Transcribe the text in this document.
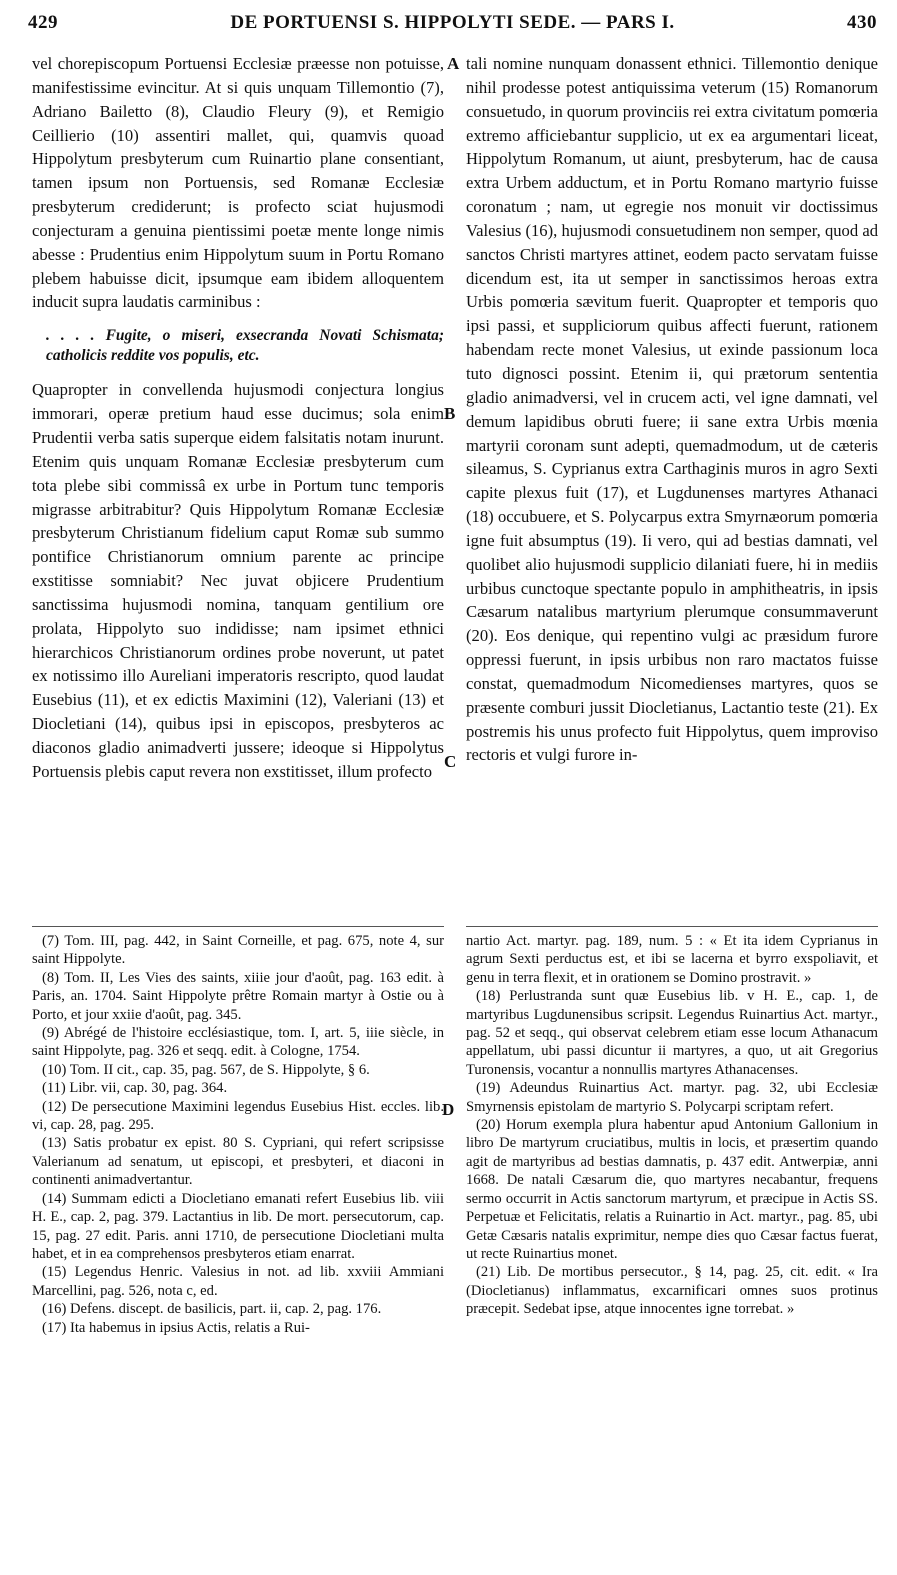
DE PORTUENSI S. HIPPOLYTI SEDE. — PARS I.
429	430

vel chorepiscopum Portuensi Ecclesiæ præesse non potuisse, manifestissime evincitur. At si quis unquam Tillemontio (7), Adriano Bailetto (8), Claudio Fleury (9), et Remigio Ceillierio (10) assentiri mallet, qui, quamvis quoad Hippolytum presbyterum cum Ruinartio plane consentiant, tamen ipsum non Portuensis, sed Romanæ Ecclesiæ presbyterum crediderunt; is profecto sciat hujusmodi conjecturam a genuina pientissimi poetæ mente longe nimis abesse : Prudentius enim Hippolytum suum in Portu Romano plebem habuisse dicit, ipsumque eam ibidem alloquentem inducit supra laudatis carminibus :

. . . . Fugite, o miseri, exsecranda Novati Schismata; catholicis reddite vos populis, etc.

Quapropter in convellenda hujusmodi conjectura longius immorari, operæ pretium haud esse ducimus; sola enim Prudentii verba satis superque eidem falsitatis notam inurunt. Etenim quis unquam Romanæ Ecclesiæ presbyterum cum tota plebe sibi commissâ ex urbe in Portum tunc temporis migrasse arbitrabitur? Quis Hippolytum Romanæ Ecclesiæ presbyterum Christianum fidelium caput Romæ sub summo pontifice Christianorum omnium parente ac principe exstitisse somniabit? Nec juvat objicere Prudentium sanctissima hujusmodi nomina, tanquam gentilium ore prolata, Hippolyto suo indidisse; nam ipsimet ethnici hierarchicos Christianorum ordines probe noverunt, ut patet ex notissimo illo Aureliani imperatoris rescripto, quod laudat Eusebius (11), et ex edictis Maximini (12), Valeriani (13) et Diocletiani (14), quibus ipsi in episcopos, presbyteros ac diaconos gladio animadverti jussere; ideoque si Hippolytus Portuensis plebis caput revera non exstitisset, illum profecto

tali nomine nunquam donassent ethnici. Tillemontio denique nihil prodesse potest antiquissima veterum (15) Romanorum consuetudo, in quorum provinciis rei extra civitatum pomœria extremo afficiebantur supplicio, ut ex ea argumentari liceat, Hippolytum Romanum, ut aiunt, presbyterum, hac de causa extra Urbem adductum, et in Portu Romano martyrio fuisse coronatum ; nam, ut egregie nos monuit vir doctissimus Valesius (16), hujusmodi consuetudinem non semper, quod ad sanctos Christi martyres attinet, eodem pacto servatam fuisse dicendum est, ita ut semper in sanctissimos heroas extra Urbis pomœria sævitum fuerit. Quapropter et temporis quo ipsi passi, et suppliciorum quibus affecti fuerunt, rationem habendam recte monet Valesius, ut exinde passionum loca tuto dignosci possint. Etenim ii, qui prætorum sententia gladio animadversi, vel in crucem acti, vel igne damnati, vel demum lapidibus obruti fuere; ii sane extra Urbis mœnia martyrii coronam sunt adepti, quemadmodum, ut de cæteris sileamus, S. Cyprianus extra Carthaginis muros in agro Sexti capite plexus fuit (17), et Lugdunenses martyres Athanaci (18) occubuere, et S. Polycarpus extra Smyrnæorum pomœria igne fuit absumptus (19). Ii vero, qui ad bestias damnati, vel quolibet alio hujusmodi supplicio dilaniati fuere, hi in mediis urbibus cunctoque spectante populo in amphitheatris, in ipsis Cæsarum natalibus martyrium plerumque consummaverunt (20). Eos denique, qui repentino vulgi ac præsidum furore oppressi fuerunt, in ipsis urbibus non raro mactatos fuisse constat, quemadmodum Nicomedienses martyres, quos se præsente comburi jussit Diocletianus, Lactantio teste (21). Ex postremis his unus profecto fuit Hippolytus, quem improviso rectoris et vulgi furore in-

A
B
C
D

(7) Tom. III, pag. 442, in Saint Corneille, et pag. 675, note 4, sur saint Hippolyte.

(8) Tom. II, Les Vies des saints, xiiie jour d'août, pag. 163 edit. à Paris, an. 1704. Saint Hippolyte prêtre Romain martyr à Ostie ou à Porto, et jour xxiie d'août, pag. 345.

(9) Abrégé de l'histoire ecclésiastique, tom. I, art. 5, iiie siècle, in saint Hippolyte, pag. 326 et seqq. edit. à Cologne, 1754.

(10) Tom. II cit., cap. 35, pag. 567, de S. Hippolyte, § 6.

(11) Libr. vii, cap. 30, pag. 364.

(12) De persecutione Maximini legendus Eusebius Hist. eccles. lib. vi, cap. 28, pag. 295.

(13) Satis probatur ex epist. 80 S. Cypriani, qui refert scripsisse Valerianum ad senatum, ut episcopi, et presbyteri, et diaconi in continenti animadvertantur.

(14) Summam edicti a Diocletiano emanati refert Eusebius lib. viii H. E., cap. 2, pag. 379. Lactantius in lib. De mort. persecutorum, cap. 15, pag. 27 edit. Paris. anni 1710, de persecutione Diocletiani multa habet, et in ea comprehensos presbyteros etiam enarrat.

(15) Legendus Henric. Valesius in not. ad lib. xxviii Ammiani Marcellini, pag. 526, nota c, ed.

(16) Defens. discept. de basilicis, part. ii, cap. 2, pag. 176.

(17) Ita habemus in ipsius Actis, relatis a Rui-

nartio Act. martyr. pag. 189, num. 5 : « Et ita idem Cyprianus in agrum Sexti perductus est, et ibi se lacerna et byrro exspoliavit, et genu in terra flexit, et in orationem se Domino prostravit. »

(18) Perlustranda sunt quæ Eusebius lib. v H. E., cap. 1, de martyribus Lugdunensibus scripsit. Legendus Ruinartius Act. martyr., pag. 52 et seqq., qui observat celebrem etiam esse locum Athanacum appellatum, ubi passi dicuntur ii martyres, a quo, ut ait Gregorius Turonensis, vocantur a nonnullis martyres Athanacenses.

(19) Adeundus Ruinartius Act. martyr. pag. 32, ubi Ecclesiæ Smyrnensis epistolam de martyrio S. Polycarpi scriptam refert.

(20) Horum exempla plura habentur apud Antonium Gallonium in libro De martyrum cruciatibus, multis in locis, et præsertim quando agit de martyribus ad bestias damnatis, p. 437 edit. Antwerpiæ, anni 1668. De natali Cæsarum die, quo martyres necabantur, frequens sermo occurrit in Actis sanctorum martyrum, et præcipue in Actis SS. Perpetuæ et Felicitatis, relatis a Ruinartio in Act. martyr., pag. 85, ubi Getæ Cæsaris natalis exprimitur, nempe dies quo Cæsar factus fuerat, ut recte Ruinartius monet.

(21) Lib. De mortibus persecutor., § 14, pag. 25, cit. edit. « Ira (Diocletianus) inflammatus, excarnificari omnes suos protinus præcepit. Sedebat ipse, atque innocentes igne torrebat. »
